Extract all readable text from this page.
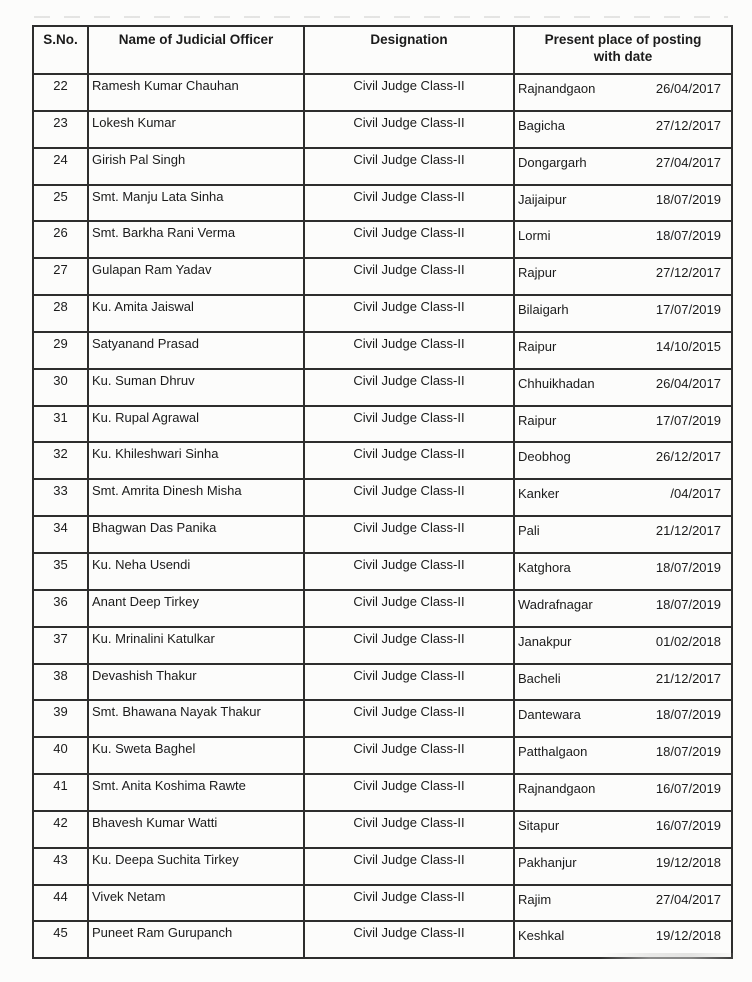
S.No.	Name of Judicial Officer	Designation	Present place of posting
with date

22	Ramesh Kumar Chauhan	Civil Judge Class-II	Rajnandgaon 26/04/2017

23	Lokesh Kumar	Civil Judge Class-II	Bagicha 27/12/2017

24	Girish Pal Singh	Civil Judge Class-II	Dongargarh 27/04/2017

25	Smt. Manju Lata Sinha	Civil Judge Class-II	Jaijaipur 18/07/2019

26	Smt. Barkha Rani Verma	Civil Judge Class-II	Lormi 18/07/2019

27	Gulapan Ram Yadav	Civil Judge Class-II	Rajpur 27/12/2017

28	Ku. Amita Jaiswal	Civil Judge Class-II	Bilaigarh 17/07/2019

29	Satyanand Prasad	Civil Judge Class-II	Raipur 14/10/2015

30	Ku. Suman Dhruv	Civil Judge Class-II	Chhuikhadan 26/04/2017

31	Ku. Rupal Agrawal	Civil Judge Class-II	Raipur 17/07/2019

32	Ku. Khileshwari Sinha	Civil Judge Class-II	Deobhog 26/12/2017

33	Smt. Amrita Dinesh Misha	Civil Judge Class-II	Kanker /04/2017

34	Bhagwan Das Panika	Civil Judge Class-II	Pali 21/12/2017

35	Ku. Neha Usendi	Civil Judge Class-II	Katghora 18/07/2019

36	Anant Deep Tirkey	Civil Judge Class-II	Wadrafnagar 18/07/2019

37	Ku. Mrinalini Katulkar	Civil Judge Class-II	Janakpur 01/02/2018

38	Devashish Thakur	Civil Judge Class-II	Bacheli 21/12/2017

39	Smt. Bhawana Nayak Thakur	Civil Judge Class-II	Dantewara 18/07/2019

40	Ku. Sweta Baghel	Civil Judge Class-II	Patthalgaon 18/07/2019

41	Smt. Anita Koshima Rawte	Civil Judge Class-II	Rajnandgaon 16/07/2019

42	Bhavesh Kumar Watti	Civil Judge Class-II	Sitapur 16/07/2019

43	Ku. Deepa Suchita Tirkey	Civil Judge Class-II	Pakhanjur 19/12/2018

44	Vivek Netam	Civil Judge Class-II	Rajim 27/04/2017

45	Puneet Ram Gurupanch	Civil Judge Class-II	Keshkal 19/12/2018
